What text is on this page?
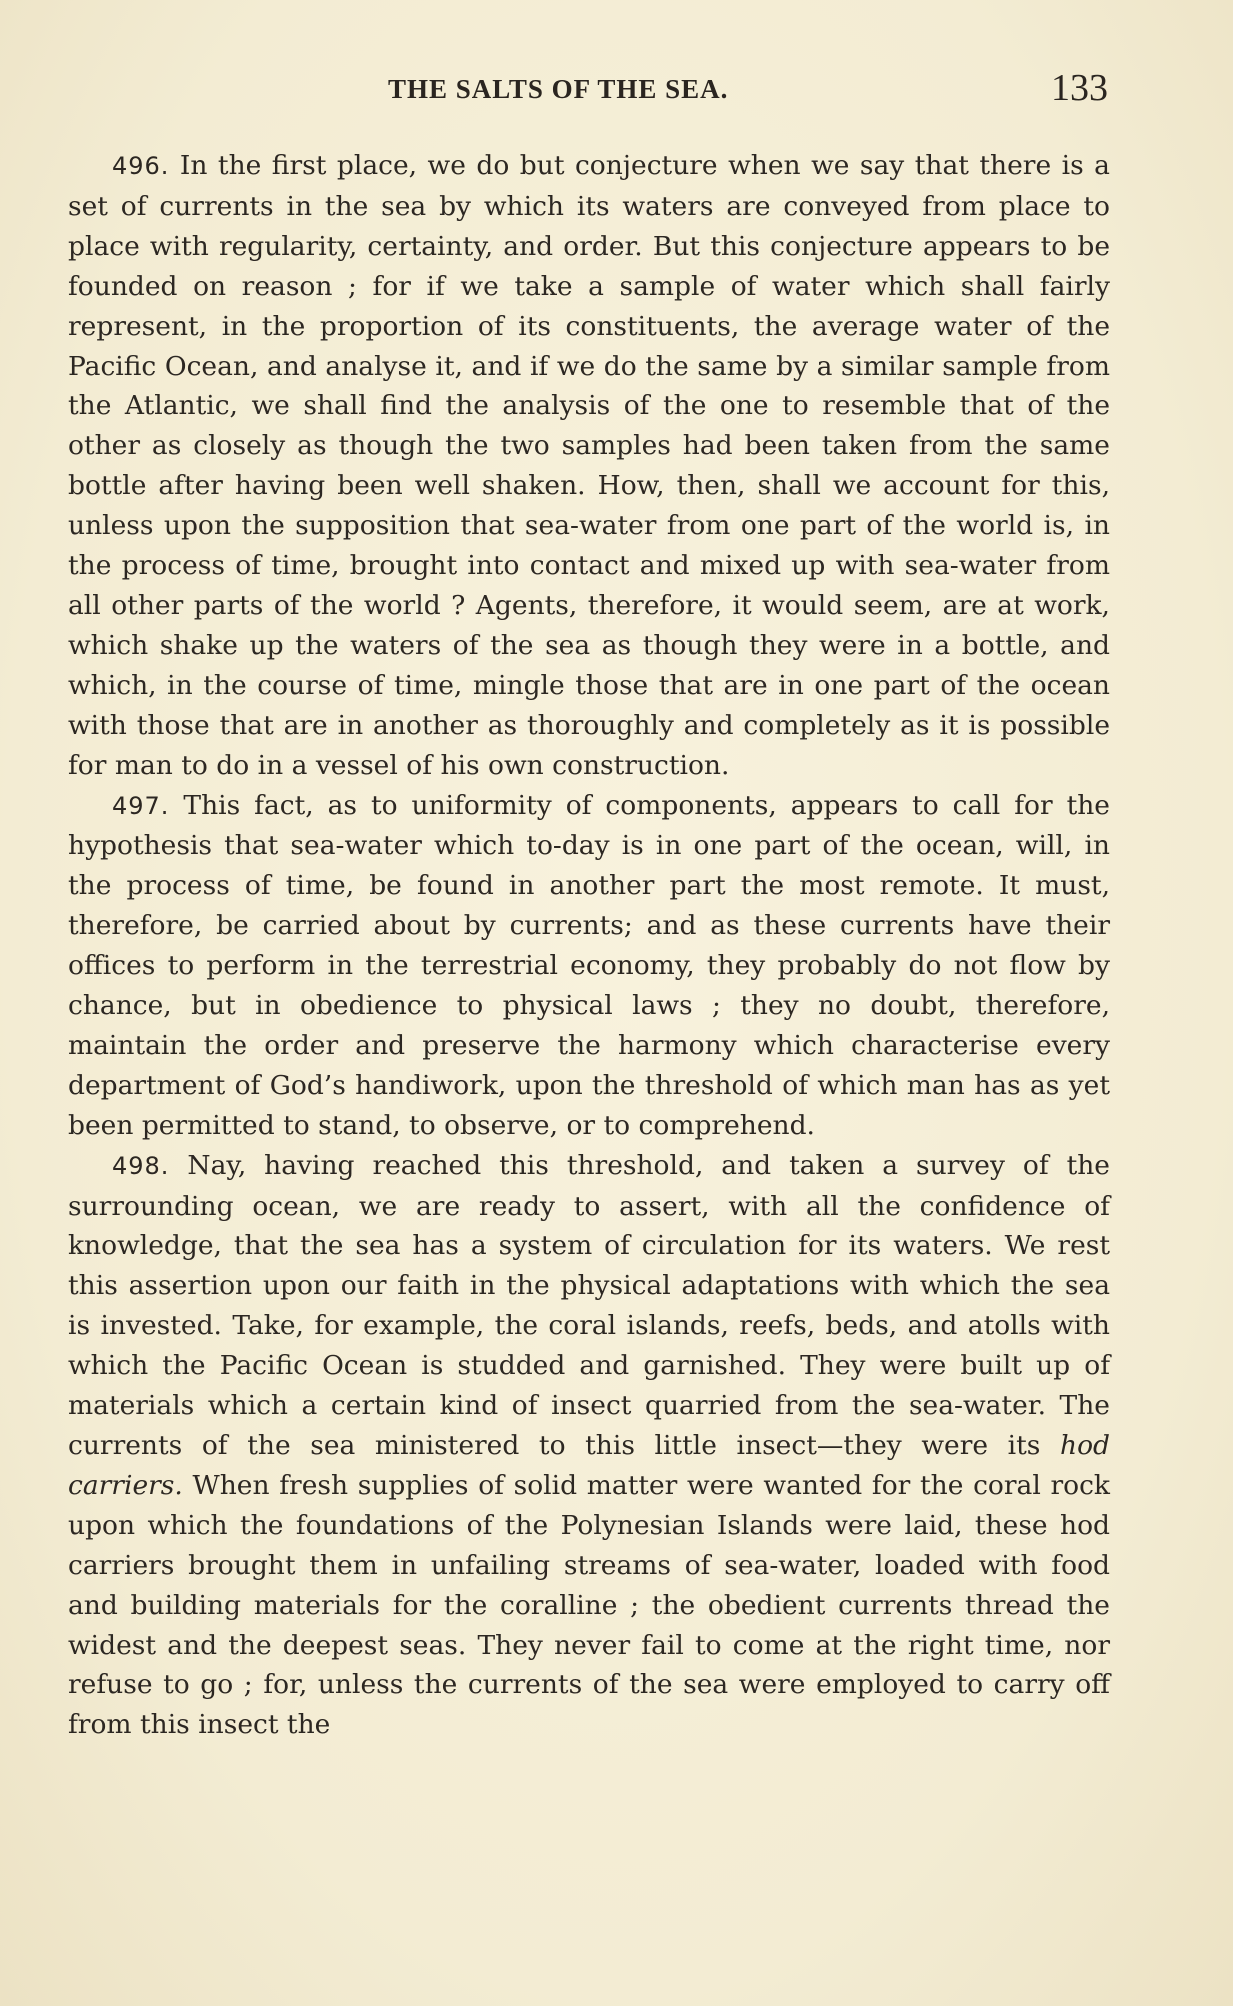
THE SALTS OF THE SEA.	133

496. In the first place, we do but conjecture when we say that there is a set of currents in the sea by which its waters are conveyed from place to place with regularity, certainty, and order. But this conjecture appears to be founded on reason ; for if we take a sample of water which shall fairly represent, in the proportion of its constituents, the average water of the Pacific Ocean, and analyse it, and if we do the same by a similar sample from the Atlantic, we shall find the analysis of the one to resemble that of the other as closely as though the two samples had been taken from the same bottle after having been well shaken. How, then, shall we account for this, unless upon the supposition that sea-water from one part of the world is, in the process of time, brought into contact and mixed up with sea-water from all other parts of the world ? Agents, therefore, it would seem, are at work, which shake up the waters of the sea as though they were in a bottle, and which, in the course of time, mingle those that are in one part of the ocean with those that are in another as thoroughly and completely as it is possible for man to do in a vessel of his own construction.

497. This fact, as to uniformity of components, appears to call for the hypothesis that sea-water which to-day is in one part of the ocean, will, in the process of time, be found in another part the most remote. It must, therefore, be carried about by currents; and as these currents have their offices to perform in the terrestrial economy, they probably do not flow by chance, but in obedience to physical laws ; they no doubt, therefore, maintain the order and preserve the harmony which characterise every department of God’s handiwork, upon the threshold of which man has as yet been permitted to stand, to observe, or to comprehend.

498. Nay, having reached this threshold, and taken a survey of the surrounding ocean, we are ready to assert, with all the confidence of knowledge, that the sea has a system of circulation for its waters. We rest this assertion upon our faith in the physical adaptations with which the sea is invested. Take, for example, the coral islands, reefs, beds, and atolls with which the Pacific Ocean is studded and garnished. They were built up of materials which a certain kind of insect quarried from the sea-water. The currents of the sea ministered to this little insect—they were its hod carriers. When fresh supplies of solid matter were wanted for the coral rock upon which the foundations of the Polynesian Islands were laid, these hod carriers brought them in unfailing streams of sea-water, loaded with food and building materials for the coralline ; the obedient currents thread the widest and the deepest seas. They never fail to come at the right time, nor refuse to go ; for, unless the currents of the sea were employed to carry off from this insect the
